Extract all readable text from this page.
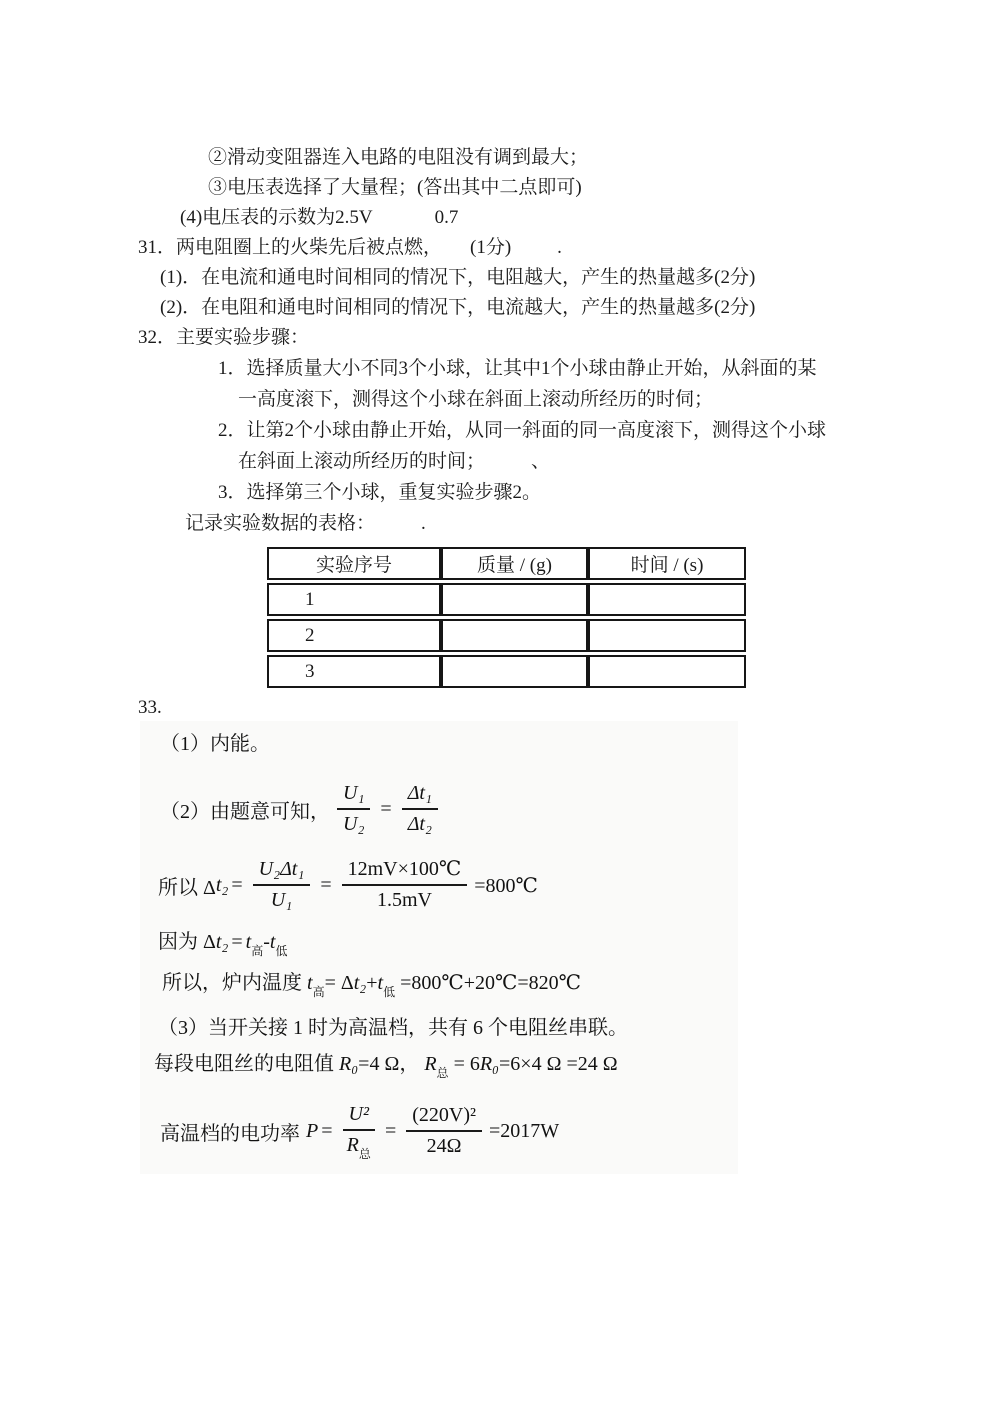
②滑动变阻器连入电路的电阻没有调到最大；
③电压表选择了大量程；(答出其中二点即可)
(4)电压表的示数为2.5V	0.7
31．两电阻圈上的火柴先后被点燃， (1分) .
(1)．在电流和通电时间相同的情况下，电阻越大，产生的热量越多(2分)
(2)．在电阻和通电时间相同的情况下，电流越大，产生的热量越多(2分)
32．主要实验步骤：
1．选择质量大小不同3个小球，让其中1个小球由静止开始，从斜面的某
一高度滚下，测得这个小球在斜面上滚动所经历的时伺；
2．让第2个小球由静止开始，从同一斜面的同一高度滚下，测得这个小球
在斜面上滚动所经历的时间； 、
3．选择第三个小球，重复实验步骤2。
记录实验数据的表格： .
实验序号	质量 / (g)	时间 / (s)
1		
2		
3		
33.
（1）内能。
（2）由题意可知， $\frac{\text{U₁}}{\text{U₂}} = \frac{\text{Δt₁}}{\text{Δt₂}}$
所以 Δ $t_2 = \frac{\text{U₂Δt₁}}{\text{U₁}} = \frac{12mV\times 100℃}{1.5mV}$ =800℃
因为 $\Delta t_2 = t_高-t_低$
所以，炉内温度 $t_高= \Delta t_2+t_低$ =800℃+20℃=820℃
（3）当开关接 1 时为高温档，共有 6 个电阻丝串联。
每段电阻丝的电阻值 R₀=4 Ω， $R_总 = 6R_0=6\times 4$ Ω =24 Ω
高温档的电功率 $P = \frac{\text{U²}}{R_总} = \frac{\text{(220V)²}}{24\Omega} =2017W$
